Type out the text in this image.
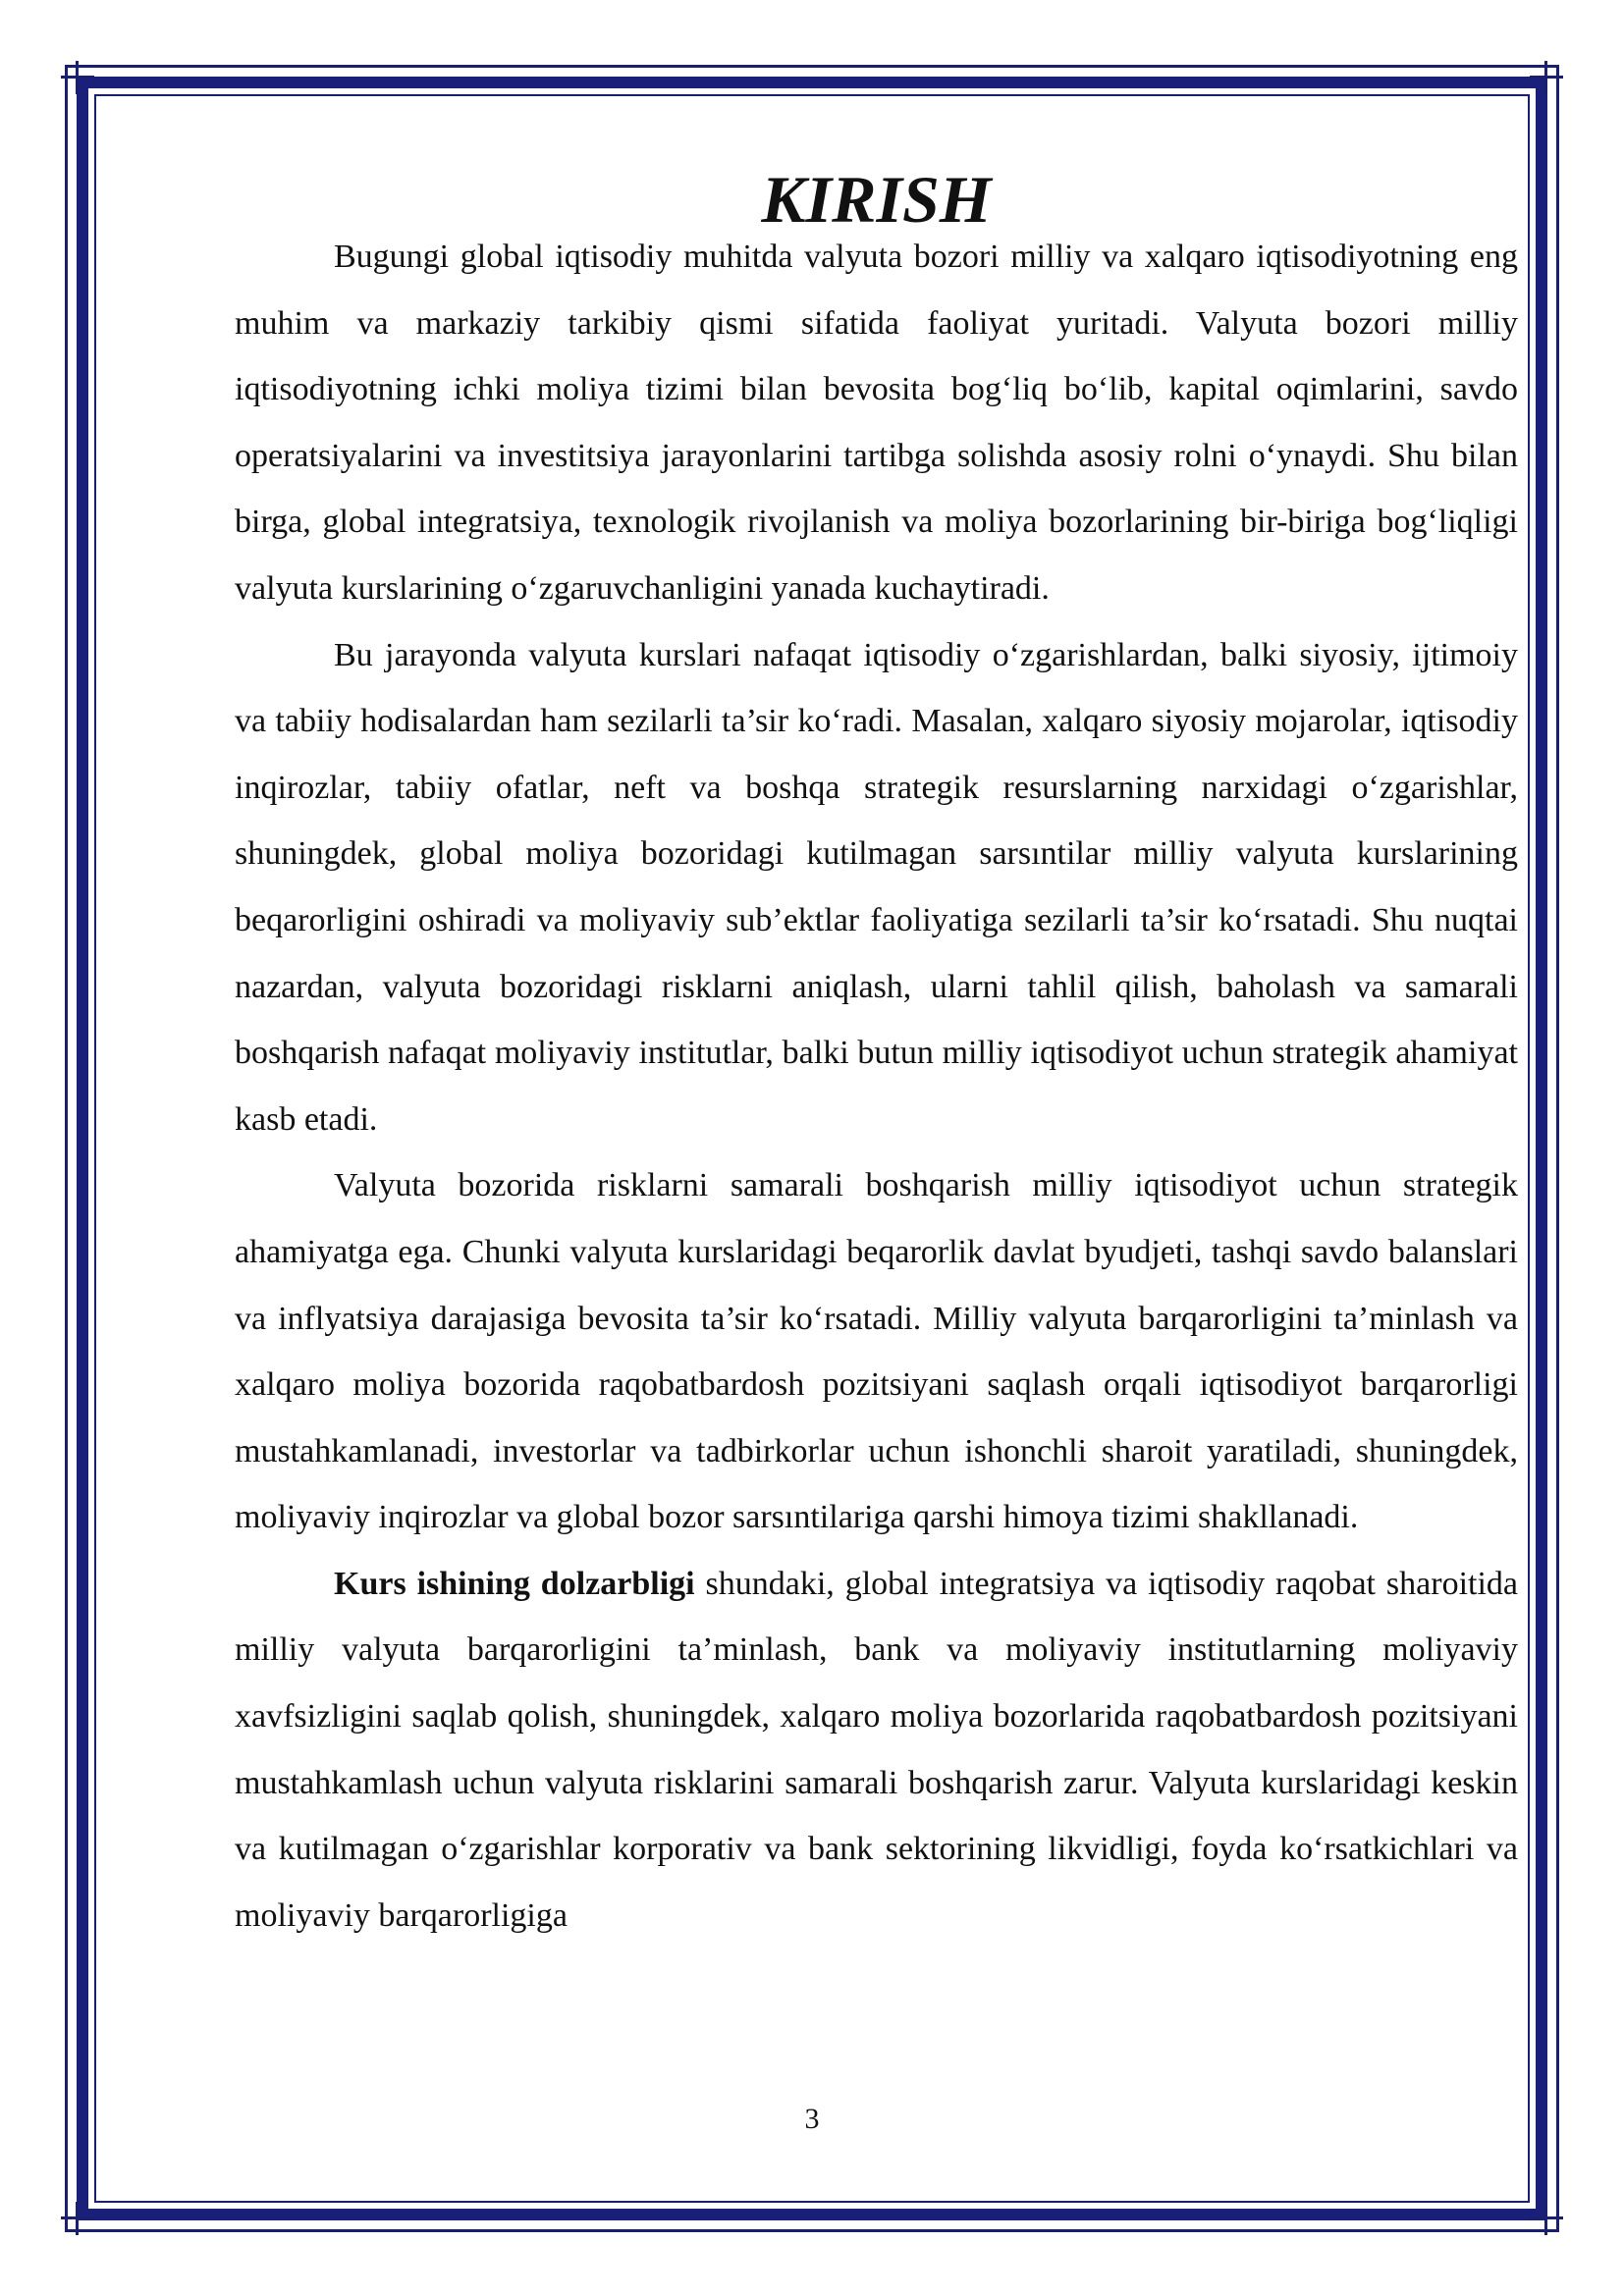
KIRISH

Bugungi global iqtisodiy muhitda valyuta bozori milliy va xalqaro iqtisodiyotning eng muhim va markaziy tarkibiy qismi sifatida faoliyat yuritadi. Valyuta bozori milliy iqtisodiyotning ichki moliya tizimi bilan bevosita bog‘liq bo‘lib, kapital oqimlarini, savdo operatsiyalarini va investitsiya jarayonlarini tartibga solishda asosiy rolni o‘ynaydi. Shu bilan birga, global integratsiya, texnologik rivojlanish va moliya bozorlarining bir-biriga bog‘liqligi valyuta kurslarining o‘zgaruvchanligini yanada kuchaytiradi.

Bu jarayonda valyuta kurslari nafaqat iqtisodiy o‘zgarishlardan, balki siyosiy, ijtimoiy va tabiiy hodisalardan ham sezilarli ta’sir ko‘radi. Masalan, xalqaro siyosiy mojarolar, iqtisodiy inqirozlar, tabiiy ofatlar, neft va boshqa strategik resurslarning narxidagi o‘zgarishlar, shuningdek, global moliya bozoridagi kutilmagan sarsıntilar milliy valyuta kurslarining beqarorligini oshiradi va moliyaviy sub’ektlar faoliyatiga sezilarli ta’sir ko‘rsatadi. Shu nuqtai nazardan, valyuta bozoridagi risklarni aniqlash, ularni tahlil qilish, baholash va samarali boshqarish nafaqat moliyaviy institutlar, balki butun milliy iqtisodiyot uchun strategik ahamiyat kasb etadi.

Valyuta bozorida risklarni samarali boshqarish milliy iqtisodiyot uchun strategik ahamiyatga ega. Chunki valyuta kurslaridagi beqarorlik davlat byudjeti, tashqi savdo balanslari va inflyatsiya darajasiga bevosita ta’sir ko‘rsatadi. Milliy valyuta barqarorligini ta’minlash va xalqaro moliya bozorida raqobatbardosh pozitsiyani saqlash orqali iqtisodiyot barqarorligi mustahkamlanadi, investorlar va tadbirkorlar uchun ishonchli sharoit yaratiladi, shuningdek, moliyaviy inqirozlar va global bozor sarsıntilariga qarshi himoya tizimi shakllanadi.

Kurs ishining dolzarbligi shundaki, global integratsiya va iqtisodiy raqobat sharoitida milliy valyuta barqarorligini ta’minlash, bank va moliyaviy institutlarning moliyaviy xavfsizligini saqlab qolish, shuningdek, xalqaro moliya bozorlarida raqobatbardosh pozitsiyani mustahkamlash uchun valyuta risklarini samarali boshqarish zarur. Valyuta kurslaridagi keskin va kutilmagan o‘zgarishlar korporativ va bank sektorining likvidligi, foyda ko‘rsatkichlari va moliyaviy barqarorligiga

3
